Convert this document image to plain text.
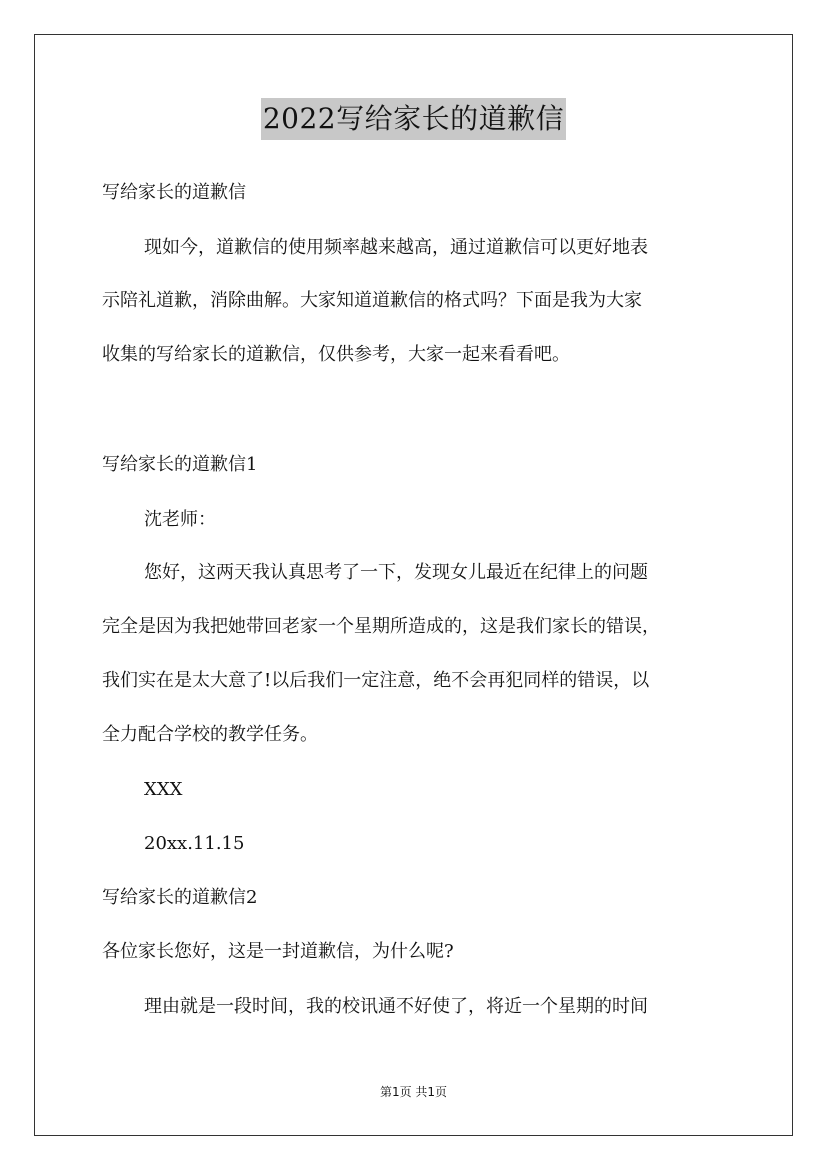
2022写给家长的道歉信
写给家长的道歉信
现如今，道歉信的使用频率越来越高，通过道歉信可以更好地表
示陪礼道歉，消除曲解。大家知道道歉信的格式吗？下面是我为大家
收集的写给家长的道歉信，仅供参考，大家一起来看看吧。
写给家长的道歉信1
沈老师：
您好，这两天我认真思考了一下，发现女儿最近在纪律上的问题
完全是因为我把她带回老家一个星期所造成的，这是我们家长的错误，
我们实在是太大意了!以后我们一定注意，绝不会再犯同样的错误，以
全力配合学校的教学任务。
XXX
20xx.11.15
写给家长的道歉信2
各位家长您好，这是一封道歉信，为什么呢?
理由就是一段时间，我的校讯通不好使了，将近一个星期的时间
第1页 共1页
